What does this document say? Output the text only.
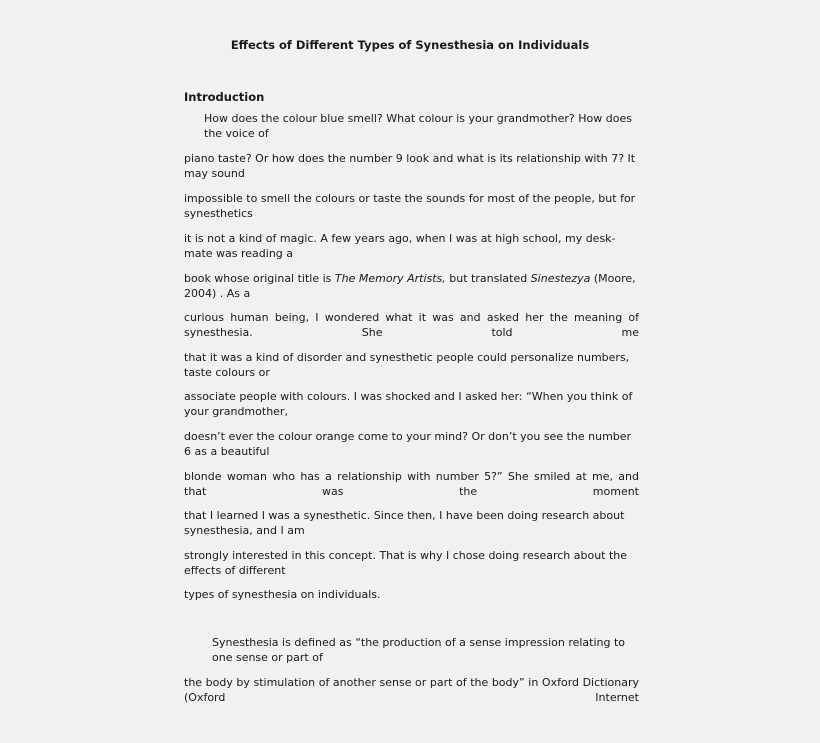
Effects of Different Types of Synesthesia on Individuals
Introduction

How does the colour blue smell? What colour is your grandmother? How does the voice of

piano taste? Or how does the number 9 look and what is its relationship with 7? It may sound

impossible to smell the colours or taste the sounds for most of the people, but for synesthetics

it is not a kind of magic. A few years ago, when I was at high school, my desk-mate was reading a

book whose original title is The Memory Artists, but translated Sinestezya (Moore, 2004) . As a

curious human being, I wondered what it was and asked her the meaning of synesthesia. She told me

that it was a kind of disorder and synesthetic people could personalize numbers, taste colours or

associate people with colours. I was shocked and I asked her: “When you think of your grandmother,

doesn’t ever the colour orange come to your mind? Or don’t you see the number 6 as a beautiful

blonde woman who has a relationship with number 5?” She smiled at me, and that was the moment

that I learned I was a synesthetic. Since then, I have been doing research about synesthesia, and I am

strongly interested in this concept. That is why I chose doing research about the effects of different

types of synesthesia on individuals.

Synesthesia is defined as “the production of a sense impression relating to one sense or part of

the body by stimulation of another sense or part of the body” in Oxford Dictionary (Oxford Internet
